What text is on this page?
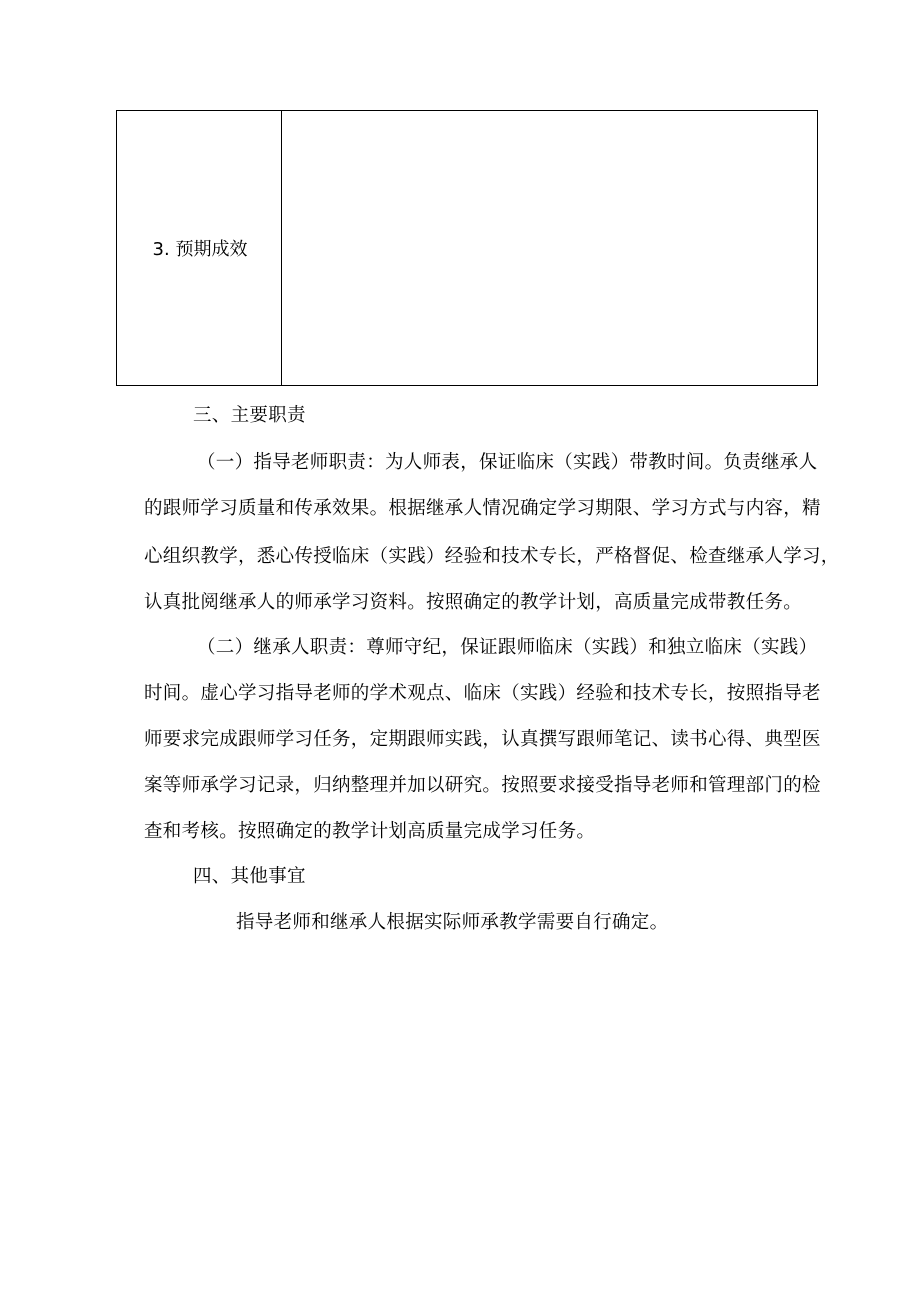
3. 预期成效
三、主要职责
（一）指导老师职责：为人师表，保证临床（实践）带教时间。负责继承人
的跟师学习质量和传承效果。根据继承人情况确定学习期限、学习方式与内容，精
心组织教学，悉心传授临床（实践）经验和技术专长，严格督促、检查继承人学习，
认真批阅继承人的师承学习资料。按照确定的教学计划，高质量完成带教任务。
（二）继承人职责：尊师守纪，保证跟师临床（实践）和独立临床（实践）
时间。虚心学习指导老师的学术观点、临床（实践）经验和技术专长，按照指导老
师要求完成跟师学习任务，定期跟师实践，认真撰写跟师笔记、读书心得、典型医
案等师承学习记录，归纳整理并加以研究。按照要求接受指导老师和管理部门的检
查和考核。按照确定的教学计划高质量完成学习任务。
四、其他事宜
指导老师和继承人根据实际师承教学需要自行确定。
